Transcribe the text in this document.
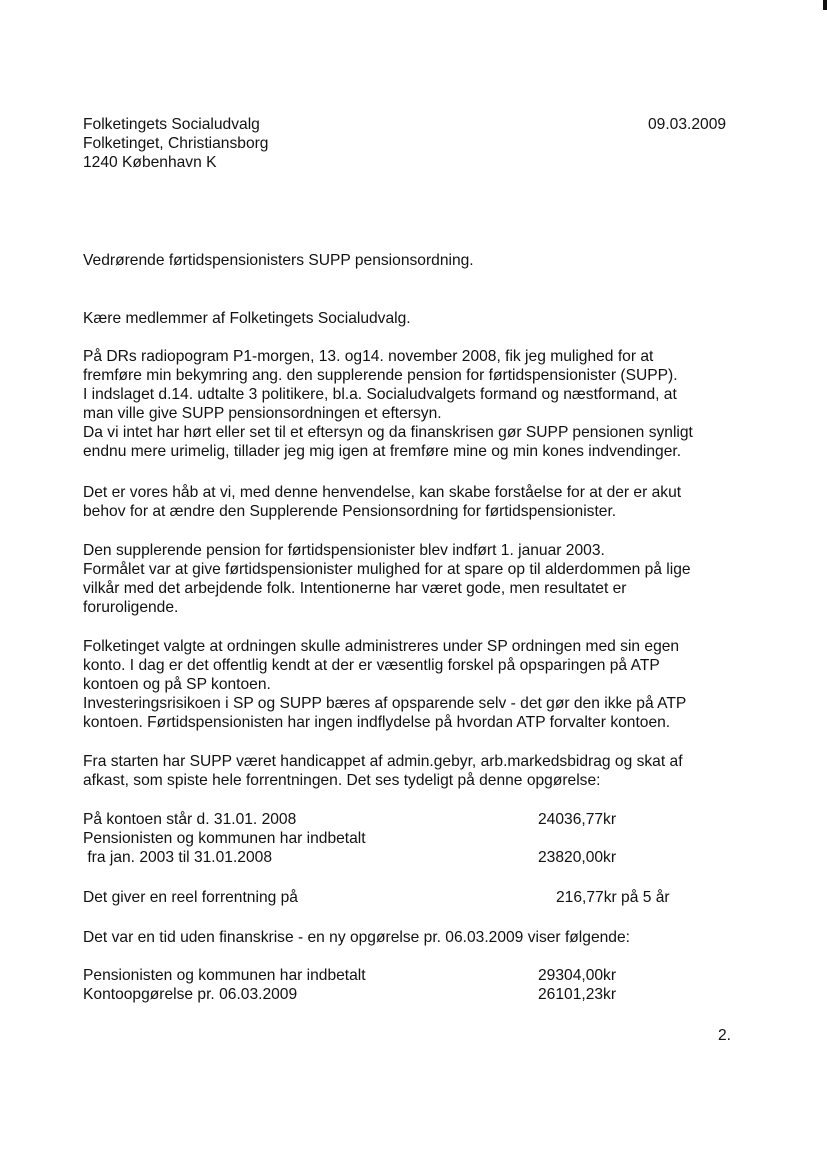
Folketingets Socialudvalg
Folketinget, Christiansborg
1240 København K
09.03.2009
Vedrørende førtidspensionisters SUPP pensionsordning.
Kære medlemmer af Folketingets Socialudvalg.
På DRs radiopogram P1-morgen, 13. og14. november 2008, fik jeg mulighed for at
fremføre min bekymring ang. den supplerende pension for førtidspensionister (SUPP).
I indslaget d.14. udtalte 3 politikere, bl.a. Socialudvalgets formand og næstformand, at
man ville give SUPP pensionsordningen et eftersyn.
Da vi intet har hørt eller set til et eftersyn og da finanskrisen gør SUPP pensionen synligt
endnu mere urimelig, tillader jeg mig igen at fremføre mine og min kones indvendinger.
Det er vores håb at vi, med denne henvendelse, kan skabe forståelse for at der er akut
behov for at ændre den Supplerende Pensionsordning for førtidspensionister.
Den supplerende pension for førtidspensionister blev indført 1. januar 2003.
Formålet var at give førtidspensionister mulighed for at spare op til alderdommen på lige
vilkår med det arbejdende folk. Intentionerne har været gode, men resultatet er
foruroligende.
Folketinget valgte at ordningen skulle administreres under SP ordningen med sin egen
konto. I dag er det offentlig kendt at der er væsentlig forskel på opsparingen på ATP
kontoen og på SP kontoen.
Investeringsrisikoen i SP og SUPP bæres af opsparende selv - det gør den ikke på ATP
kontoen. Førtidspensionisten har ingen indflydelse på hvordan ATP forvalter kontoen.
Fra starten har SUPP været handicappet af admin.gebyr, arb.markedsbidrag og skat af
afkast, som spiste hele forrentningen. Det ses tydeligt på denne opgørelse:
På kontoen står d. 31.01. 2008	24036,77kr
Pensionisten og kommunen har indbetalt
fra jan. 2003 til 31.01.2008	23820,00kr
Det giver en reel forrentning på	216,77kr på 5 år
Det var en tid uden finanskrise - en ny opgørelse pr. 06.03.2009 viser følgende:
Pensionisten og kommunen har indbetalt	29304,00kr
Kontoopgørelse pr. 06.03.2009	26101,23kr
2.
